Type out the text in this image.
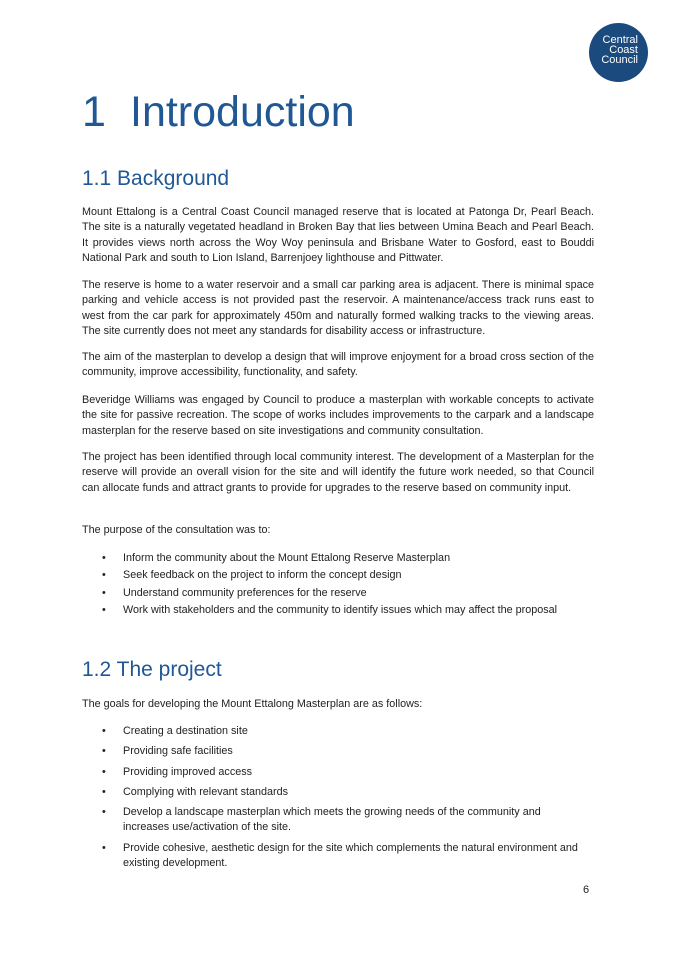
Central
Coast
Council
1 Introduction
1.1 Background

Mount Ettalong is a Central Coast Council managed reserve that is located at Patonga Dr, Pearl Beach. The site is a naturally vegetated headland in Broken Bay that lies between Umina Beach and Pearl Beach. It provides views north across the Woy Woy peninsula and Brisbane Water to Gosford, east to Bouddi National Park and south to Lion Island, Barrenjoey lighthouse and Pittwater.

The reserve is home to a water reservoir and a small car parking area is adjacent. There is minimal space parking and vehicle access is not provided past the reservoir. A maintenance/access track runs east to west from the car park for approximately 450m and naturally formed walking tracks to the viewing areas. The site currently does not meet any standards for disability access or infrastructure.

The aim of the masterplan to develop a design that will improve enjoyment for a broad cross section of the community, improve accessibility, functionality, and safety.

Beveridge Williams was engaged by Council to produce a masterplan with workable concepts to activate the site for passive recreation. The scope of works includes improvements to the carpark and a landscape masterplan for the reserve based on site investigations and community consultation.

The project has been identified through local community interest. The development of a Masterplan for the reserve will provide an overall vision for the site and will identify the future work needed, so that Council can allocate funds and attract grants to provide for upgrades to the reserve based on community input.

The purpose of the consultation was to:

• Inform the community about the Mount Ettalong Reserve Masterplan
• Seek feedback on the project to inform the concept design
• Understand community preferences for the reserve
• Work with stakeholders and the community to identify issues which may affect the proposal
1.2 The project

The goals for developing the Mount Ettalong Masterplan are as follows:

• Creating a destination site
• Providing safe facilities
• Providing improved access
• Complying with relevant standards
• Develop a landscape masterplan which meets the growing needs of the community and increases use/activation of the site.
• Provide cohesive, aesthetic design for the site which complements the natural environment and existing development.
6
